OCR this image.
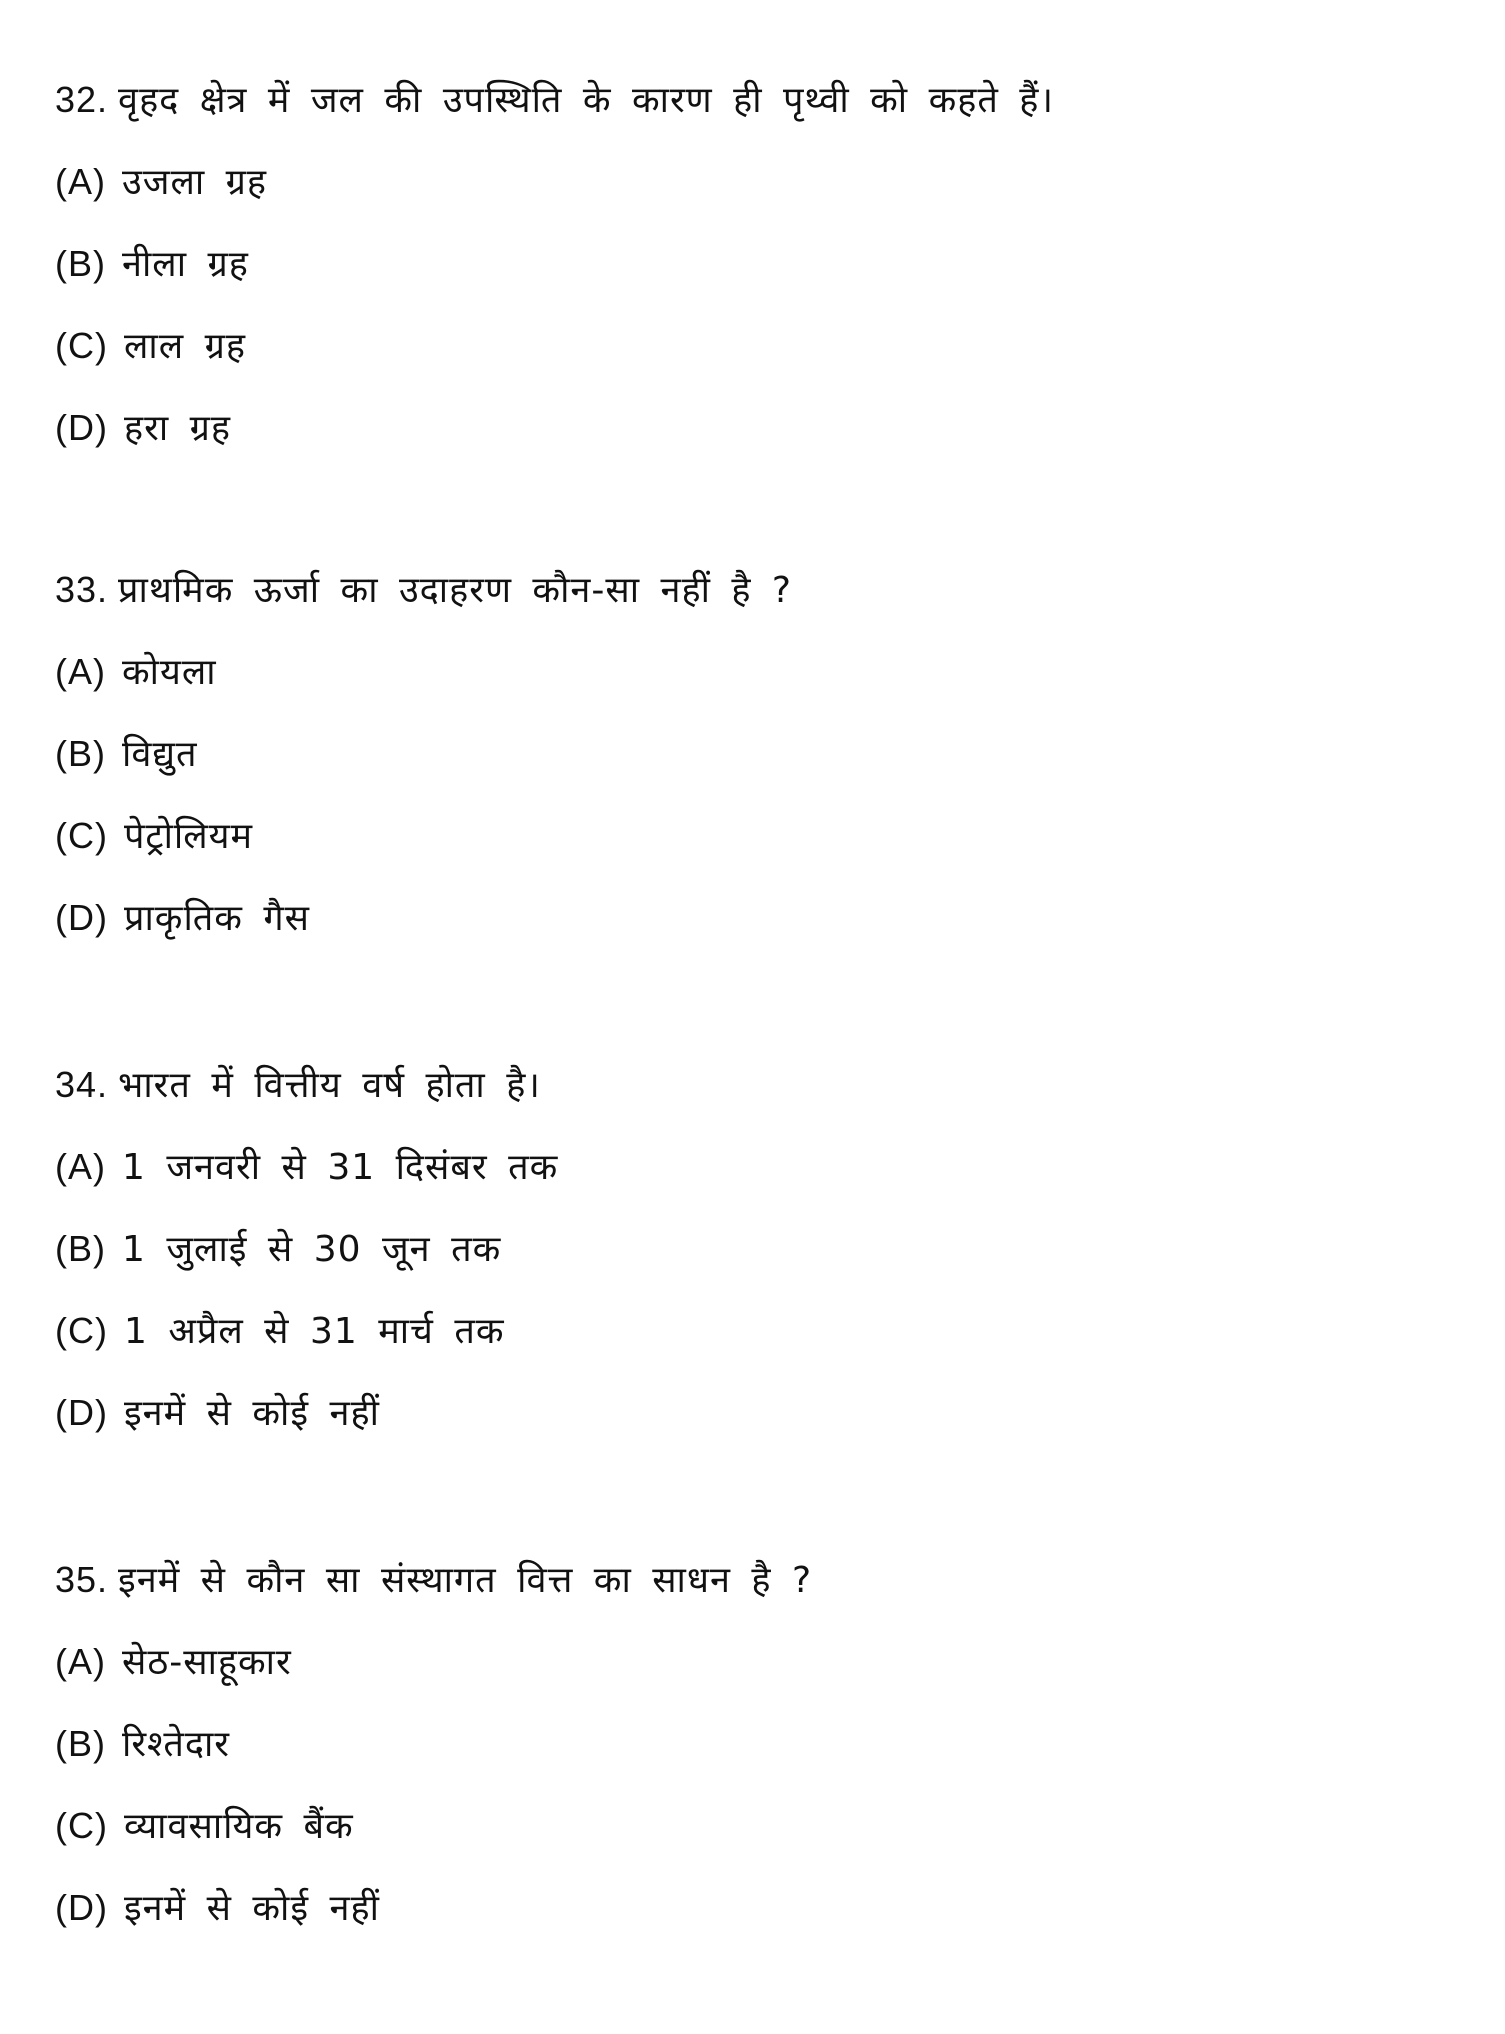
32. वृहद क्षेत्र में जल की उपस्थिति के कारण ही पृथ्वी को कहते हैं।
(A) उजला ग्रह
(B) नीला ग्रह
(C) लाल ग्रह
(D) हरा ग्रह
33. प्राथमिक ऊर्जा का उदाहरण कौन-सा नहीं है ?
(A) कोयला
(B) विद्युत
(C) पेट्रोलियम
(D) प्राकृतिक गैस
34. भारत में वित्तीय वर्ष होता है।
(A) 1 जनवरी से 31 दिसंबर तक
(B) 1 जुलाई से 30 जून तक
(C) 1 अप्रैल से 31 मार्च तक
(D) इनमें से कोई नहीं
35. इनमें से कौन सा संस्थागत वित्त का साधन है ?
(A) सेठ-साहूकार
(B) रिश्तेदार
(C) व्यावसायिक बैंक
(D) इनमें से कोई नहीं
